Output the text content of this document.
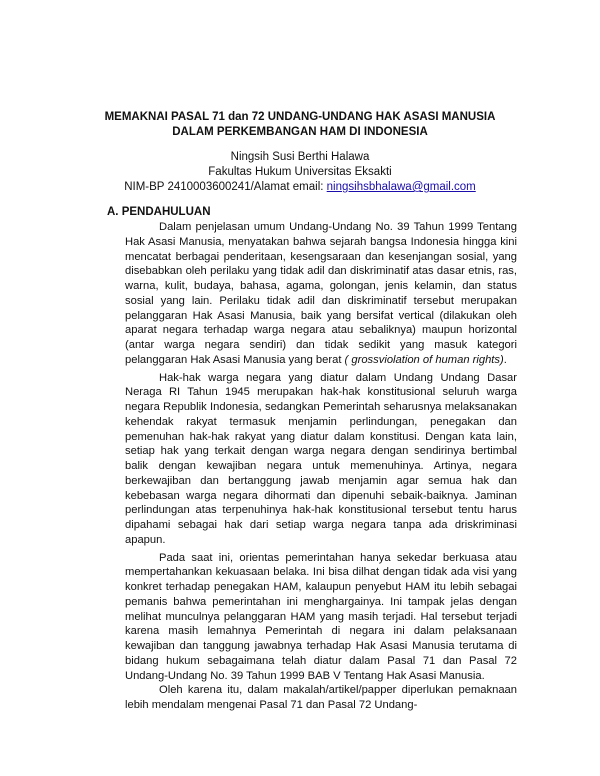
MEMAKNAI PASAL 71 dan 72 UNDANG-UNDANG HAK ASASI MANUSIA
DALAM PERKEMBANGAN HAM DI INDONESIA
Ningsih Susi Berthi Halawa
Fakultas Hukum Universitas Eksakti
NIM-BP 2410003600241/Alamat email: ningsihsbhalawa@gmail.com
A. PENDAHULUAN

Dalam penjelasan umum Undang-Undang No. 39 Tahun 1999 Tentang Hak Asasi Manusia, menyatakan bahwa sejarah bangsa Indonesia hingga kini mencatat berbagai penderitaan, kesengsaraan dan kesenjangan sosial, yang disebabkan oleh perilaku yang tidak adil dan diskriminatif atas dasar etnis, ras, warna, kulit, budaya, bahasa, agama, golongan, jenis kelamin, dan status sosial yang lain. Perilaku tidak adil dan diskriminatif tersebut merupakan pelanggaran Hak Asasi Manusia, baik yang bersifat vertical (dilakukan oleh aparat negara terhadap warga negara atau sebaliknya) maupun horizontal (antar warga negara sendiri) dan tidak sedikit yang masuk kategori pelanggaran Hak Asasi Manusia yang berat ( grossviolation of human rights).

Hak-hak warga negara yang diatur dalam Undang Undang Dasar Neraga RI Tahun 1945 merupakan hak-hak konstitusional seluruh warga negara Republik Indonesia, sedangkan Pemerintah seharusnya melaksanakan kehendak rakyat termasuk menjamin perlindungan, penegakan dan pemenuhan hak-hak rakyat yang diatur dalam konstitusi. Dengan kata lain, setiap hak yang terkait dengan warga negara dengan sendirinya bertimbal balik dengan kewajiban negara untuk memenuhinya. Artinya, negara berkewajiban dan bertanggung jawab menjamin agar semua hak dan kebebasan warga negara dihormati dan dipenuhi sebaik-baiknya. Jaminan perlindungan atas terpenuhinya hak-hak konstitusional tersebut tentu harus dipahami sebagai hak dari setiap warga negara tanpa ada driskriminasi apapun.

Pada saat ini, orientas pemerintahan hanya sekedar berkuasa atau mempertahankan kekuasaan belaka. Ini bisa dilhat dengan tidak ada visi yang konkret terhadap penegakan HAM, kalaupun penyebut HAM itu lebih sebagai pemanis bahwa pemerintahan ini menghargainya. Ini tampak jelas dengan melihat munculnya pelanggaran HAM yang masih terjadi. Hal tersebut terjadi karena masih lemahnya Pemerintah di negara ini dalam pelaksanaan kewajiban dan tanggung jawabnya terhadap Hak Asasi Manusia terutama di bidang hukum sebagaimana telah diatur dalam Pasal 71 dan Pasal 72 Undang-Undang No. 39 Tahun 1999 BAB V Tentang Hak Asasi Manusia.

Oleh karena itu, dalam makalah/artikel/papper diperlukan pemaknaan lebih mendalam mengenai Pasal 71 dan Pasal 72 Undang-
